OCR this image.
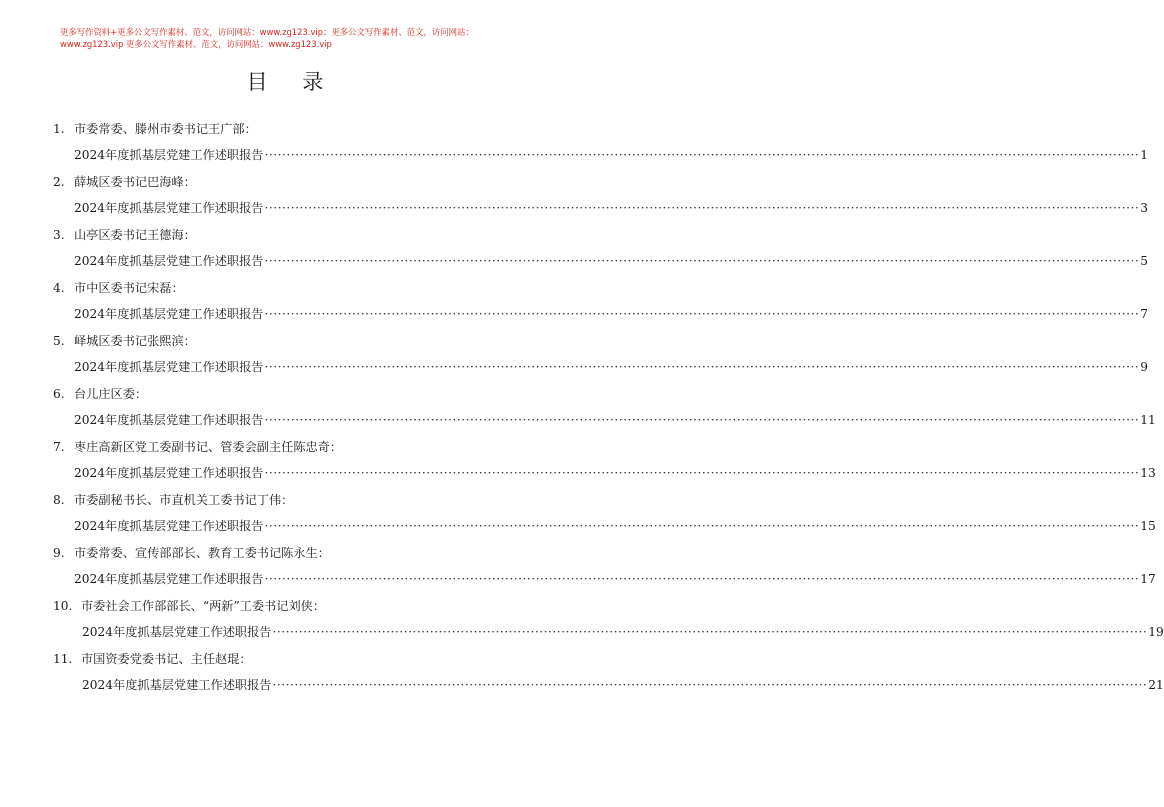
更多写作资料+更多公文写作素材、范文，访问网站：www.zg123.vip；更多公文写作素材、范文，访问网站：
www.zg123.vip 更多公文写作素材、范文，访问网站：www.zg123.vip
目 录
1. 市委常委、滕州市委书记王广部：
2024年度抓基层党建工作述职报告 ········································································································································································································ 1
2. 薛城区委书记巴海峰：
2024年度抓基层党建工作述职报告 ········································································································································································································ 3
3. 山亭区委书记王德海：
2024年度抓基层党建工作述职报告 ········································································································································································································ 5
4. 市中区委书记宋磊：
2024年度抓基层党建工作述职报告 ········································································································································································································ 7
5. 峄城区委书记张熙滨：
2024年度抓基层党建工作述职报告 ········································································································································································································ 9
6. 台儿庄区委：
2024年度抓基层党建工作述职报告 ········································································································································································································ 11
7. 枣庄高新区党工委副书记、管委会副主任陈忠奇：
2024年度抓基层党建工作述职报告 ········································································································································································································ 13
8. 市委副秘书长、市直机关工委书记丁伟：
2024年度抓基层党建工作述职报告 ········································································································································································································ 15
9. 市委常委、宣传部部长、教育工委书记陈永生：
2024年度抓基层党建工作述职报告 ········································································································································································································ 17
10. 市委社会工作部部长、“两新”工委书记刘侠：
2024年度抓基层党建工作述职报告 ········································································································································································································ 19
11. 市国资委党委书记、主任赵琨：
2024年度抓基层党建工作述职报告 ········································································································································································································ 21
